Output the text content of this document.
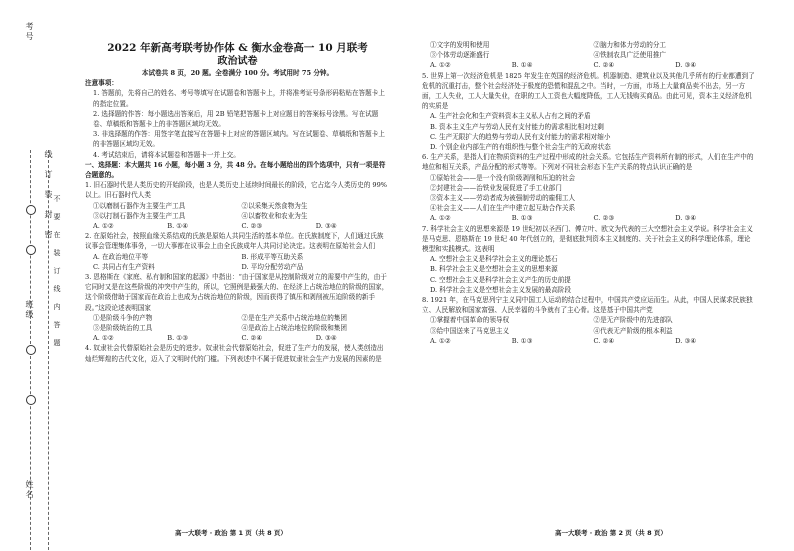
考号
班级
姓名
线　订　装　封　密 不　要　在　装　订　线　内　答　题
2022 年新高考联考协作体 & 衡水金卷高一 10 月联考
政治试卷
本试卷共 8 页，20 题。全卷满分 100 分。考试用时 75 分钟。

注意事项：

1. 答题前，先将自己的姓名、考号等填写在试题卷和答题卡上，并将准考证号条形码粘贴在答题卡上的指定位置。

2. 选择题的作答：每小题选出答案后，用 2B 铅笔把答题卡上对应题目的答案标号涂黑。写在试题卷、草稿纸和答题卡上的非答题区域均无效。

3. 非选择题的作答：用签字笔直接写在答题卡上对应的答题区域内。写在试题卷、草稿纸和答题卡上的非答题区域均无效。

4. 考试结束后，请将本试题卷和答题卡一并上交。

一、选择题：本大题共 16 小题，每小题 3 分，共 48 分。在每小题给出的四个选项中，只有一项是符合题意的。

1. 旧石器时代是人类历史的开始阶段，也是人类历史上延续时间最长的阶段，它占迄今人类历史的 99% 以上。旧石器时代人类

①以磨制石器作为主要生产工具	②以采集天然食物为生
③以打制石器作为主要生产工具	④以畜牧业和农业为生
A. ①②	B. ①④	C. ②③	D. ③④

2. 在原始社会，按照血缘关系结成的氏族是原始人共同生活的基本单位。在氏族制度下，人们通过氏族议事会管理集体事务，一切大事都在议事会上由全氏族成年人共同讨论决定。这表明在原始社会人们

A. 在政治地位平等	B. 形成平等互助关系
C. 共同占有生产资料	D. 平均分配劳动产品

3. 恩格斯在《家庭、私有制和国家的起源》中指出：“由于国家是从控制阶级对立的需要中产生的，由于它同时又是在这些阶级的冲突中产生的，所以，它照例是最强大的、在经济上占统治地位的阶级的国家，这个阶级借助于国家而在政治上也成为占统治地位的阶级，因而获得了镇压和剥削被压迫阶级的新手段。”这段论述表明国家

①是阶级斗争的产物	②是在生产关系中占统治地位的集团
③是阶级统治的工具	④是政治上占统治地位的阶级和集团
A. ①②	B. ①③	C. ②④	D. ③④

4. 奴隶社会代替原始社会是历史的进步。奴隶社会代替原始社会，促进了生产力的发展，使人类创造出灿烂辉煌的古代文化，迈入了文明时代的门槛。下列表述中不属于促进奴隶社会生产力发展的因素的是

①文字的发明和使用	②脑力和体力劳动的分工
③个体劳动逐渐盛行	④铁制农具广泛使用推广
A. ①②	B. ①④	C. ②④	D. ③④

5. 世界上第一次经济危机是 1825 年发生在英国的经济危机。机器制造、建筑业以及其他几乎所有的行业都遭到了危机的沉重打击，整个社会经济处于极度的恐慌和混乱之中。当时，一方面，市场上大量商品卖不出去，另一方面，工人失业，工人大量失业，在职的工人工资也大幅度降低，工人无钱购买商品。由此可见，资本主义经济危机的实质是

A. 生产社会化和生产资料资本主义私人占有之间的矛盾

B. 资本主义生产与劳动人民有支付能力的需求相比相对过剩

C. 生产无限扩大的趋势与劳动人民有支付能力的需求相对缩小

D. 个别企业内部生产的有组织性与整个社会生产的无政府状态

6. 生产关系，是指人们在物质资料的生产过程中形成的社会关系。它包括生产资料所有制的形式，人们在生产中的地位和相互关系，产品分配的形式等等。下列对不同社会形态下生产关系的特点认识正确的是

①原始社会——是一个没有阶级剥削和压迫的社会

②封建社会——治铁业发展促进了手工业部门

③资本主义——劳动者成为被强制劳动的雇佣工人

④社会主义——人们在生产中建立起互助合作关系

A. ①②	B. ①③	C. ②③	D. ③④

7. 科学社会主义的思想来源是 19 世纪初以圣西门、傅立叶、欧文为代表的三大空想社会主义学说。科学社会主义是马克思、恩格斯在 19 世纪 40 年代创立的，是彻底批判资本主义制度的、关于社会主义的科学理论体系，理论模型和实践模式。这表明

A. 空想社会主义是科学社会主义的理论基石

B. 科学社会主义是空想社会主义的思想来源

C. 空想社会主义是科学社会主义产生的历史前提

D. 科学社会主义是空想社会主义发展的最高阶段

8. 1921 年，在马克思列宁主义同中国工人运动的结合过程中，中国共产党应运而生。从此，中国人民谋求民族独立、人民解放和国家富强、人民幸福的斗争就有了主心骨。这是基于中国共产党

①掌握着中国革命的领导权	②是无产阶级中的先进部队
③给中国送来了马克思主义	④代表无产阶级的根本利益
A. ①②	B. ①③	C. ②④	D. ③④
高一大联考 · 政治 第 1 页（共 8 页）	高一大联考 · 政治 第 2 页（共 8 页）
